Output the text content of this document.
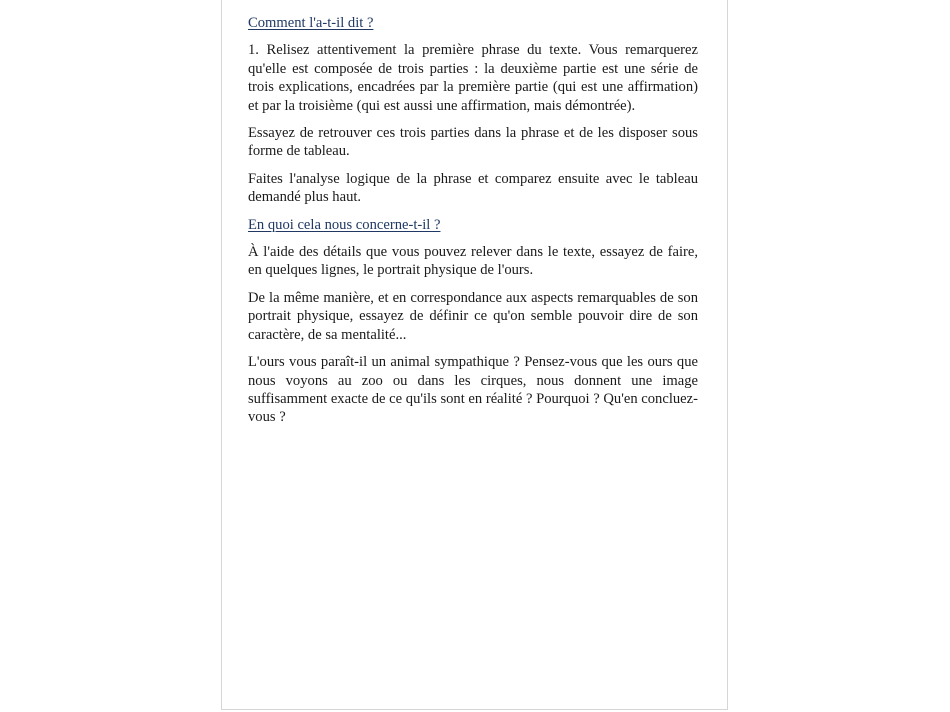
Comment l'a-t-il dit ?

1. Relisez attentivement la première phrase du texte. Vous remarquerez qu'elle est composée de trois parties : la deuxième partie est une série de trois explications, encadrées par la première partie (qui est une affirmation) et par la troisième (qui est aussi une affirmation, mais démontrée).

Essayez de retrouver ces trois parties dans la phrase et de les disposer sous forme de tableau.

Faites l'analyse logique de la phrase et comparez ensuite avec le tableau demandé plus haut.

En quoi cela nous concerne-t-il ?

À l'aide des détails que vous pouvez relever dans le texte, essayez de faire, en quelques lignes, le portrait physique de l'ours.

De la même manière, et en correspondance aux aspects remarquables de son portrait physique, essayez de définir ce qu'on semble pouvoir dire de son caractère, de sa mentalité...

L'ours vous paraît-il un animal sympathique ? Pensez-vous que les ours que nous voyons au zoo ou dans les cirques, nous donnent une image suffisamment exacte de ce qu'ils sont en réalité ? Pourquoi ? Qu'en concluez-vous ?
